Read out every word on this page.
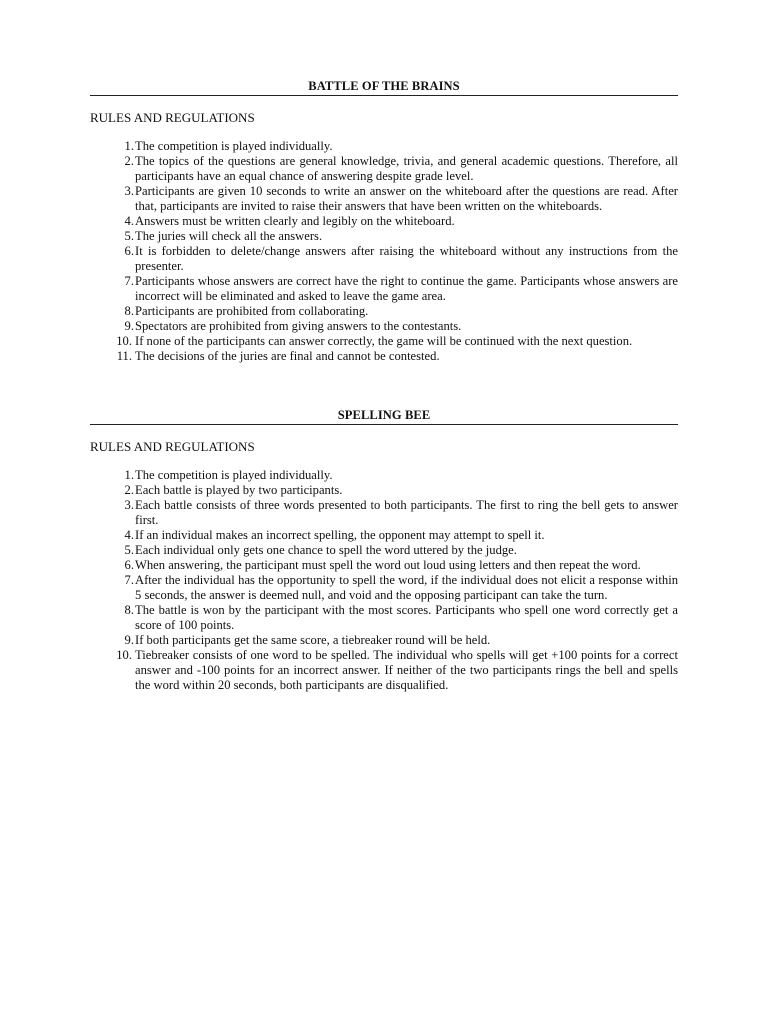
BATTLE OF THE BRAINS
RULES AND REGULATIONS
1. The competition is played individually.
2. The topics of the questions are general knowledge, trivia, and general academic questions. Therefore, all participants have an equal chance of answering despite grade level.
3. Participants are given 10 seconds to write an answer on the whiteboard after the questions are read. After that, participants are invited to raise their answers that have been written on the whiteboards.
4. Answers must be written clearly and legibly on the whiteboard.
5. The juries will check all the answers.
6. It is forbidden to delete/change answers after raising the whiteboard without any instructions from the presenter.
7. Participants whose answers are correct have the right to continue the game. Participants whose answers are incorrect will be eliminated and asked to leave the game area.
8. Participants are prohibited from collaborating.
9. Spectators are prohibited from giving answers to the contestants.
10. If none of the participants can answer correctly, the game will be continued with the next question.
11. The decisions of the juries are final and cannot be contested.
SPELLING BEE
RULES AND REGULATIONS
1. The competition is played individually.
2. Each battle is played by two participants.
3. Each battle consists of three words presented to both participants. The first to ring the bell gets to answer first.
4. If an individual makes an incorrect spelling, the opponent may attempt to spell it.
5. Each individual only gets one chance to spell the word uttered by the judge.
6. When answering, the participant must spell the word out loud using letters and then repeat the word.
7. After the individual has the opportunity to spell the word, if the individual does not elicit a response within 5 seconds, the answer is deemed null, and void and the opposing participant can take the turn.
8. The battle is won by the participant with the most scores. Participants who spell one word correctly get a score of 100 points.
9. If both participants get the same score, a tiebreaker round will be held.
10. Tiebreaker consists of one word to be spelled. The individual who spells will get +100 points for a correct answer and -100 points for an incorrect answer. If neither of the two participants rings the bell and spells the word within 20 seconds, both participants are disqualified.
